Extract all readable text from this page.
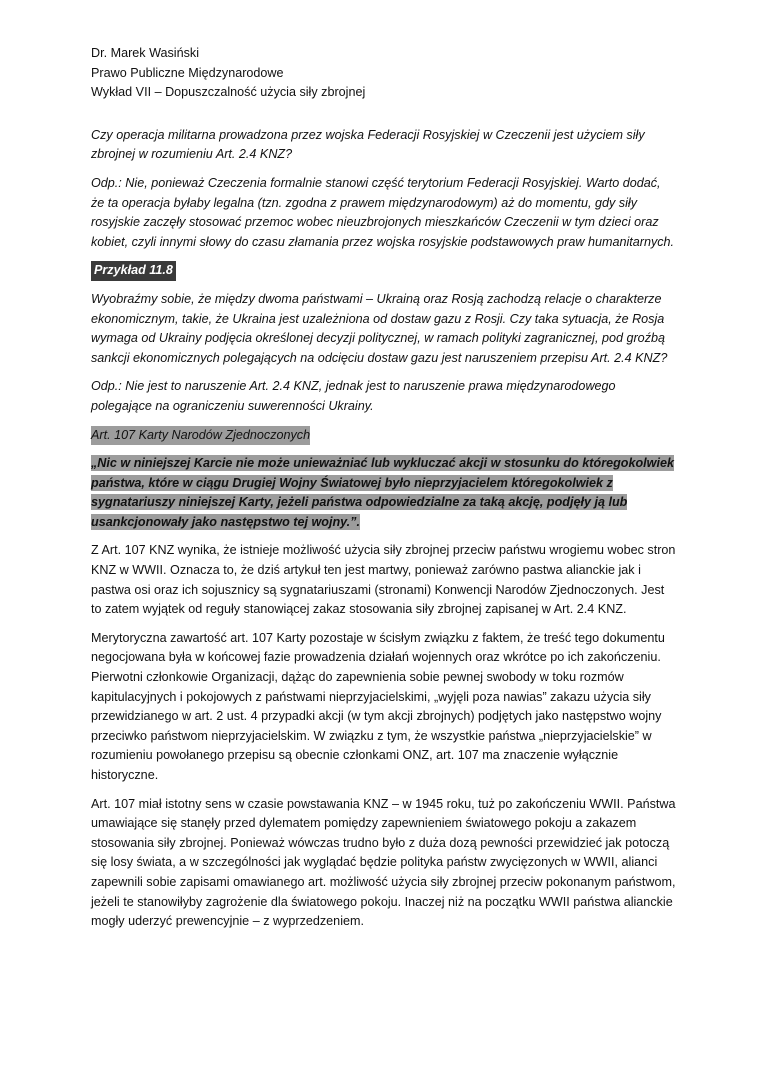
Dr. Marek Wasiński

Prawo Publiczne Międzynarodowe

Wykład VII – Dopuszczalność użycia siły zbrojnej

Czy operacja militarna prowadzona przez wojska Federacji Rosyjskiej w Czeczenii jest użyciem siły zbrojnej w rozumieniu Art. 2.4 KNZ?

Odp.: Nie, ponieważ Czeczenia formalnie stanowi część terytorium Federacji Rosyjskiej. Warto dodać, że ta operacja byłaby legalna (tzn. zgodna z prawem międzynarodowym) aż do momentu, gdy siły rosyjskie zaczęły stosować przemoc wobec nieuzbrojonych mieszkańców Czeczenii w tym dzieci oraz kobiet, czyli innymi słowy do czasu złamania przez wojska rosyjskie podstawowych praw humanitarnych.

Przykład 11.8

Wyobraźmy sobie, że między dwoma państwami – Ukrainą oraz Rosją zachodzą relacje o charakterze ekonomicznym, takie, że Ukraina jest uzależniona od dostaw gazu z Rosji. Czy taka sytuacja, że Rosja wymaga od Ukrainy podjęcia określonej decyzji politycznej, w ramach polityki zagranicznej, pod groźbą sankcji ekonomicznych polegających na odcięciu dostaw gazu jest naruszeniem przepisu Art. 2.4 KNZ?

Odp.: Nie jest to naruszenie Art. 2.4 KNZ, jednak jest to naruszenie prawa międzynarodowego polegające na ograniczeniu suwerenności Ukrainy.

Art. 107 Karty Narodów Zjednoczonych

„Nic w niniejszej Karcie nie może unieważniać lub wykluczać akcji w stosunku do któregokolwiek państwa, które w ciągu Drugiej Wojny Światowej było nieprzyjacielem któregokolwiek z sygnatariuszy niniejszej Karty, jeżeli państwa odpowiedzialne za taką akcję, podjęły ją lub usankcjonowały jako następstwo tej wojny.”.

Z Art. 107 KNZ wynika, że istnieje możliwość użycia siły zbrojnej przeciw państwu wrogiemu wobec stron KNZ w WWII. Oznacza to, że dziś artykuł ten jest martwy, ponieważ zarówno pastwa alianckie jak i pastwa osi oraz ich sojusznicy są sygnatariuszami (stronami) Konwencji Narodów Zjednoczonych. Jest to zatem wyjątek od reguły stanowiącej zakaz stosowania siły zbrojnej zapisanej w Art. 2.4 KNZ.

Merytoryczna zawartość art. 107 Karty pozostaje w ścisłym związku z faktem, że treść tego dokumentu negocjowana była w końcowej fazie prowadzenia działań wojennych oraz wkrótce po ich zakończeniu. Pierwotni członkowie Organizacji, dążąc do zapewnienia sobie pewnej swobody w toku rozmów kapitulacyjnych i pokojowych z państwami nieprzyjacielskimi, „wyjęli poza nawias” zakazu użycia siły przewidzianego w art. 2 ust. 4 przypadki akcji (w tym akcji zbrojnych) podjętych jako następstwo wojny przeciwko państwom nieprzyjacielskim. W związku z tym, że wszystkie państwa „nieprzyjacielskie” w rozumieniu powołanego przepisu są obecnie członkami ONZ, art. 107 ma znaczenie wyłącznie historyczne.

Art. 107 miał istotny sens w czasie powstawania KNZ – w 1945 roku, tuż po zakończeniu WWII. Państwa umawiające się stanęły przed dylematem pomiędzy zapewnieniem światowego pokoju a zakazem stosowania siły zbrojnej. Ponieważ wówczas trudno było z duża dozą pewności przewidzieć jak potoczą się losy świata, a w szczególności jak wyglądać będzie polityka państw zwycięzonych w WWII, alianci zapewnili sobie zapisami omawianego art. możliwość użycia siły zbrojnej przeciw pokonanym państwom, jeżeli te stanowiłyby zagrożenie dla światowego pokoju. Inaczej niż na początku WWII państwa alianckie mogły uderzyć prewencyjnie – z wyprzedzeniem.
